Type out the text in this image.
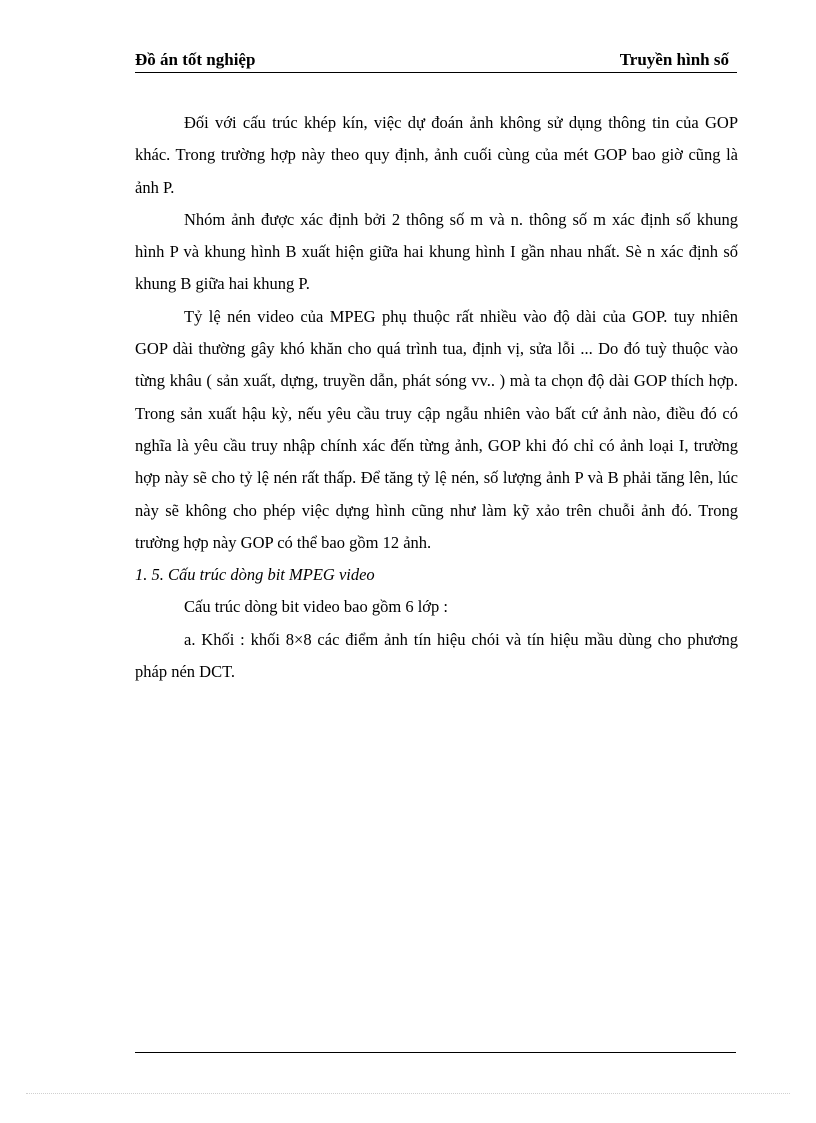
Đồ án tốt nghiệp	Truyền hình số

Đối với cấu trúc khép kín, việc dự đoán ảnh không sử dụng thông tin của GOP khác. Trong trường hợp này theo quy định, ảnh cuối cùng của mét GOP bao giờ cũng là ảnh P.

Nhóm ảnh được xác định bởi 2 thông số m và n. thông số m xác định số khung hình P và khung hình B xuất hiện giữa hai khung hình I gần nhau nhất. Sè n xác định số khung B giữa hai khung P.

Tỷ lệ nén video của MPEG phụ thuộc rất nhiều vào độ dài của GOP. tuy nhiên GOP dài thường gây khó khăn cho quá trình tua, định vị, sửa lỗi ... Do đó tuỳ thuộc vào từng khâu ( sản xuất, dựng, truyền dẫn, phát sóng vv.. ) mà ta chọn độ dài GOP thích hợp. Trong sản xuất hậu kỳ, nếu yêu cầu truy cập ngẫu nhiên vào bất cứ ảnh nào, điều đó có nghĩa là yêu cầu truy nhập chính xác đến từng ảnh, GOP khi đó chỉ có ảnh loại I, trường hợp này sẽ cho tỷ lệ nén rất thấp. Để tăng tỷ lệ nén, số lượng ảnh P và B phải tăng lên, lúc này sẽ không cho phép việc dựng hình cũng như làm kỹ xảo trên chuỗi ảnh đó. Trong trường hợp này GOP có thể bao gồm 12 ảnh.

1. 5. Cấu trúc dòng bit MPEG video

Cấu trúc dòng bit video bao gồm 6 lớp :

a. Khối : khối 8×8 các điểm ảnh tín hiệu chói và tín hiệu mầu dùng cho phương pháp nén DCT.
